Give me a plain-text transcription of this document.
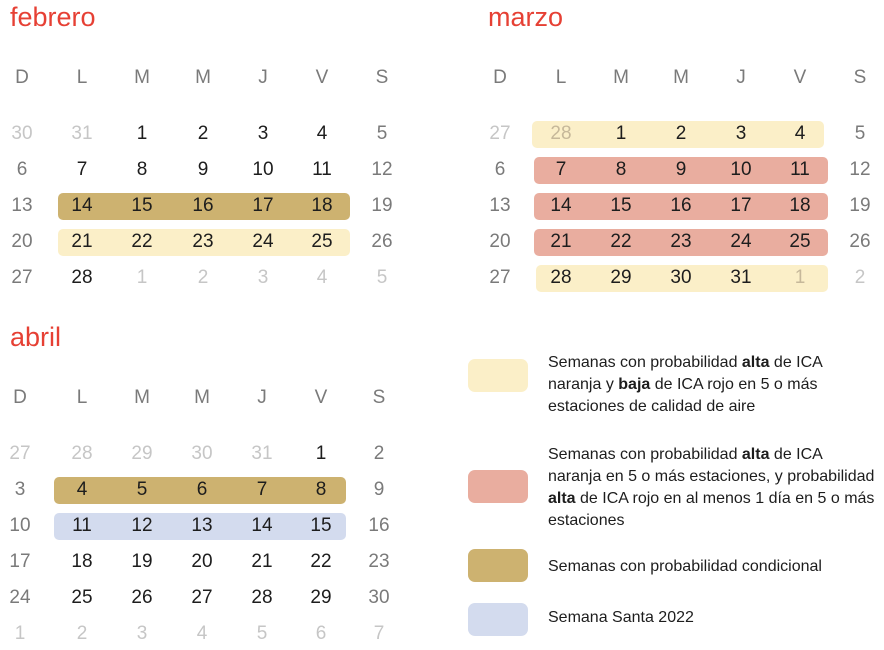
febrero
D	L	M	M	J	V	S
30	31	1	2	3	4	5
6	7	8	9	10	11	12
13	14	15	16	17	18	19
20	21	22	23	24	25	26
27	28	1	2	3	4	5
marzo
D	L	M	M	J	V	S
27	28	1	2	3	4	5
6	7	8	9	10	11	12
13	14	15	16	17	18	19
20	21	22	23	24	25	26
27	28	29	30	31	1	2
abril
D	L	M	M	J	V	S
27	28	29	30	31	1	2
3	4	5	6	7	8	9
10	11	12	13	14	15	16
17	18	19	20	21	22	23
24	25	26	27	28	29	30
1	2	3	4	5	6	7
Semanas con probabilidad alta de ICA naranja y baja de ICA rojo en 5 o más estaciones de calidad de aire
Semanas con probabilidad alta de ICA naranja en 5 o más estaciones, y probabilidad alta de ICA rojo en al menos 1 día en 5 o más estaciones
Semanas con probabilidad condicional
Semana Santa 2022
